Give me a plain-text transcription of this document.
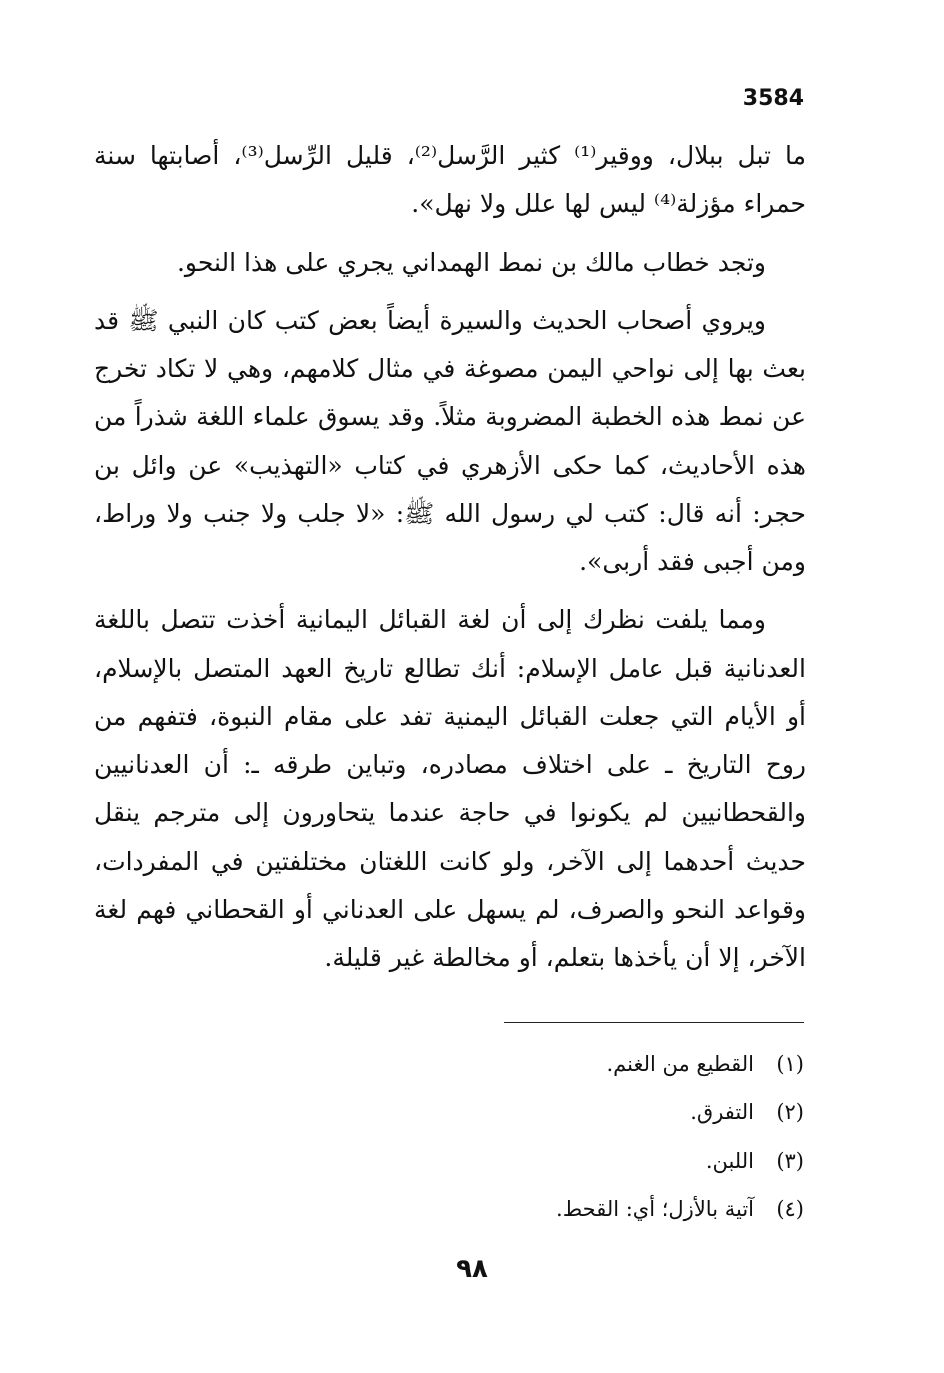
3584

ما تبل ببلال، ووقير⁽¹⁾ كثير الرَّسل⁽²⁾، قليل الرِّسل⁽³⁾، أصابتها سنة حمراء مؤزلة⁽⁴⁾ ليس لها علل ولا نهل».

وتجد خطاب مالك بن نمط الهمداني يجري على هذا النحو.

ويروي أصحاب الحديث والسيرة أيضاً بعض كتب كان النبي ﷺ قد بعث بها إلى نواحي اليمن مصوغة في مثال كلامهم، وهي لا تكاد تخرج عن نمط هذه الخطبة المضروبة مثلاً. وقد يسوق علماء اللغة شذراً من هذه الأحاديث، كما حكى الأزهري في كتاب «التهذيب» عن وائل بن حجر: أنه قال: كتب لي رسول الله ﷺ: «لا جلب ولا جنب ولا وراط، ومن أجبى فقد أربى».

ومما يلفت نظرك إلى أن لغة القبائل اليمانية أخذت تتصل باللغة العدنانية قبل عامل الإسلام: أنك تطالع تاريخ العهد المتصل بالإسلام، أو الأيام التي جعلت القبائل اليمنية تفد على مقام النبوة، فتفهم من روح التاريخ ـ على اختلاف مصادره، وتباين طرقه ـ: أن العدنانيين والقحطانيين لم يكونوا في حاجة عندما يتحاورون إلى مترجم ينقل حديث أحدهما إلى الآخر، ولو كانت اللغتان مختلفتين في المفردات، وقواعد النحو والصرف، لم يسهل على العدناني أو القحطاني فهم لغة الآخر، إلا أن يأخذها بتعلم، أو مخالطة غير قليلة.

(١)
القطيع من الغنم.
(٢)
التفرق.
(٣)
اللبن.
(٤)
آتية بالأزل؛ أي: القحط.
٩٨
